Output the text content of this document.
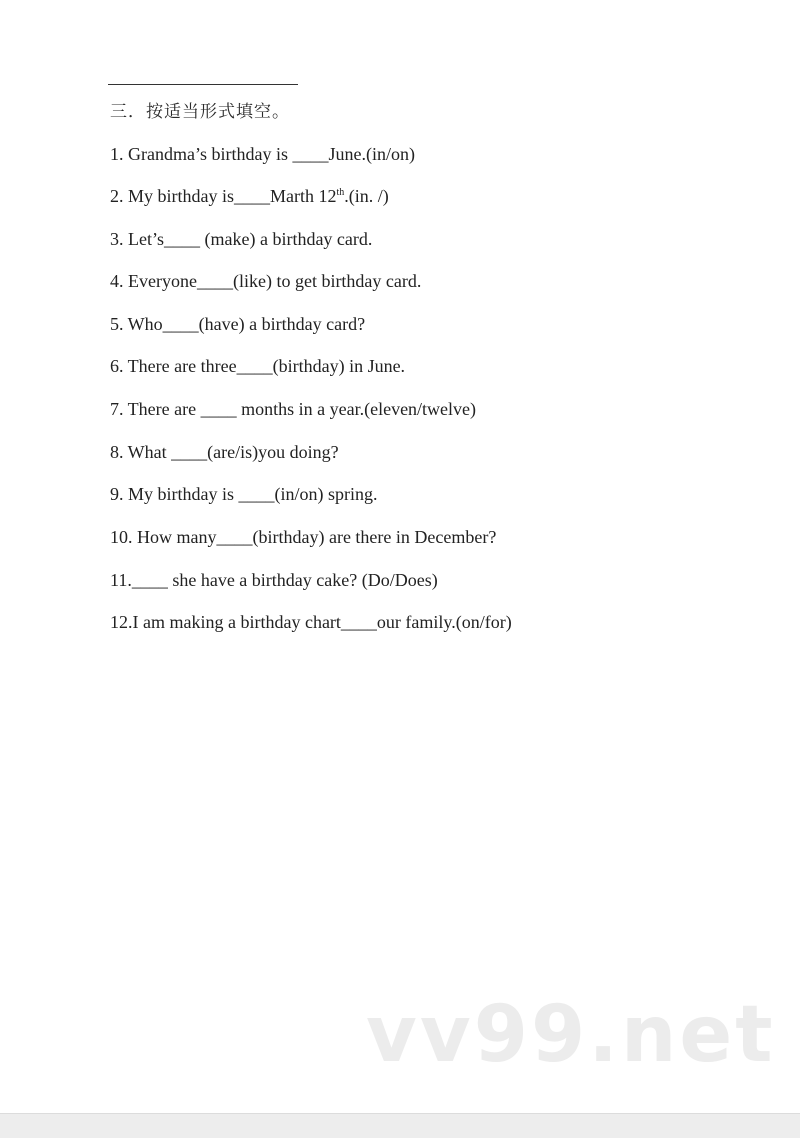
三．按适当形式填空。
1. Grandma’s birthday is ____June.(in/on)
2. My birthday is____Marth 12th.(in. /)
3. Let’s____ (make) a birthday card.
4. Everyone____(like) to get birthday card.
5. Who____(have) a birthday card?
6. There are three____(birthday) in June.
7. There are ____ months in a year.(eleven/twelve)
8. What ____(are/is)you doing?
9. My birthday is ____(in/on) spring.
10. How many____(birthday) are there in December?
11.____ she have a birthday cake? (Do/Does)
12.I am making a birthday chart____our family.(on/for)
vv99.net
